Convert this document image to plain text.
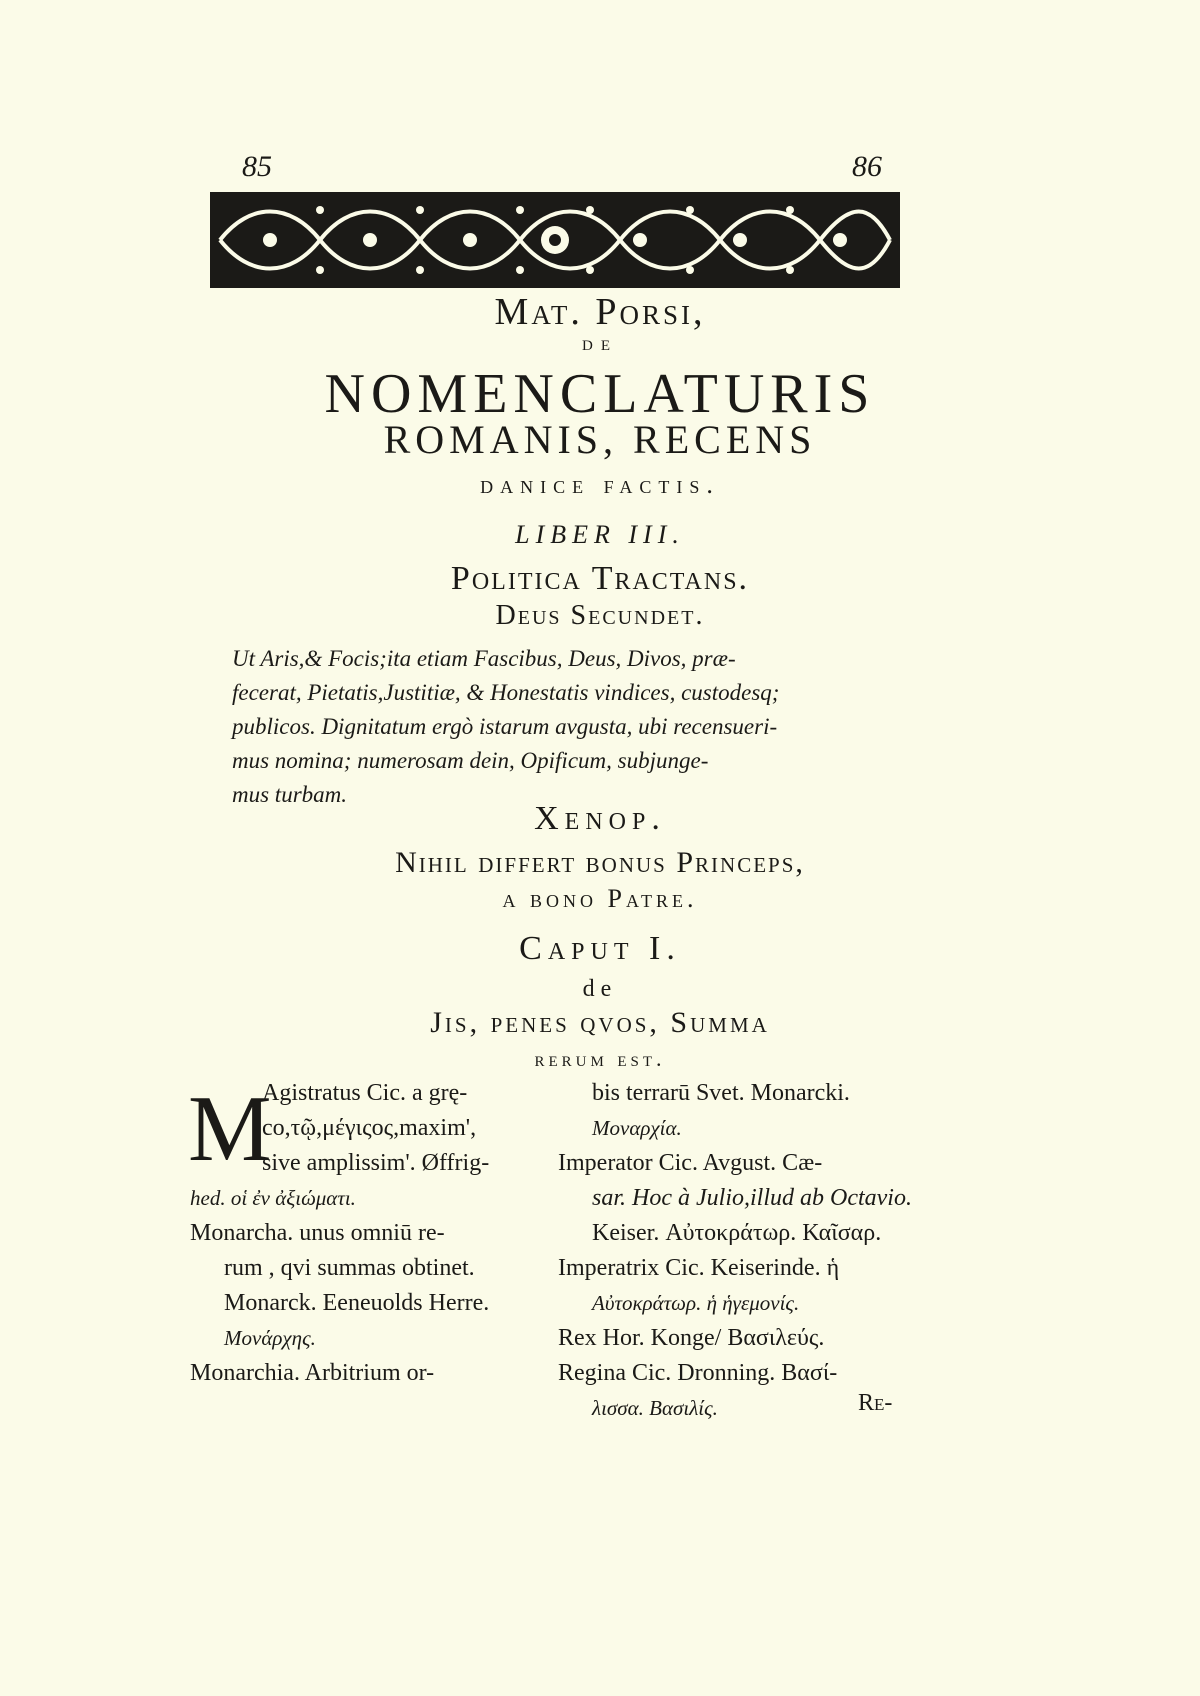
85	86
Mat. Porsi,
de
NOMENCLATURIS
ROMANIS, RECENS
danice factis.
LIBER III.
Politica Tractans.
Deus Secundet.

Ut Aris,& Focis;ita etiam Fascibus, Deus, Divos, præ-

fecerat, Pietatis,Justitiæ, & Honestatis vindices, custodesq;

publicos. Dignitatum ergò istarum avgusta, ubi recensueri-

mus nomina; numerosam dein, Opificum, subjunge-

mus turbam.

Xenop.
Nihil differt bonus Princeps,
a bono Patre.
Caput I.
de
Jis, penes qvos, Summa
rerum est.
M

Agistratus Cic. a grę-

co,τῷ,μέγιςος,maxim',

sive amplissim'. Øffrig-

hed. οἱ ἐν ἀξιώματι.

Monarcha. unus omniū re-

rum , qvi summas obtinet.

Monarck. Eeneuolds Herre.

Μονάρχης.

Monarchia. Arbitrium or-

bis terrarū Svet. Monarcki.

Μοναρχία.

Imperator Cic. Avgust. Cæ-

sar. Hoc à Julio,illud ab Octavio.

Keiser. Αὐτοκράτωρ. Καῖσαρ.

Imperatrix Cic. Keiserinde. ἡ

Αὐτοκράτωρ. ἡ ἡγεμονίς.

Rex Hor. Konge/ Βασιλεύς.

Regina Cic. Dronning. Βασί-

λισσα. Βασιλίς.	Re-
